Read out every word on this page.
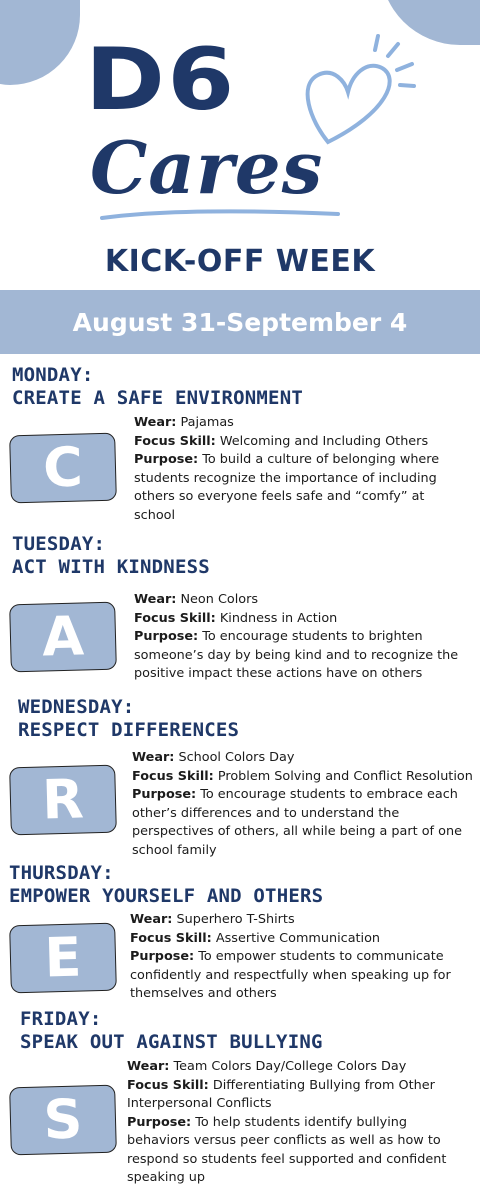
D6
Cares
KICK-OFF WEEK
August 31-September 4
MONDAY:
CREATE A SAFE ENVIRONMENT
C
Wear: Pajamas
Focus Skill: Welcoming and Including Others
Purpose: To build a culture of belonging where students recognize the importance of including others so everyone feels safe and “comfy” at school
TUESDAY:
ACT WITH KINDNESS
A
Wear: Neon Colors
Focus Skill: Kindness in Action
Purpose: To encourage students to brighten someone’s day by being kind and to recognize the positive impact these actions have on others
WEDNESDAY:
RESPECT DIFFERENCES
R
Wear: School Colors Day
Focus Skill: Problem Solving and Conflict Resolution
Purpose: To encourage students to embrace each other’s differences and to understand the perspectives of others, all while being a part of one school family
THURSDAY:
EMPOWER YOURSELF AND OTHERS
E
Wear: Superhero T-Shirts
Focus Skill: Assertive Communication
Purpose: To empower students to communicate confidently and respectfully when speaking up for themselves and others
FRIDAY:
SPEAK OUT AGAINST BULLYING
S
Wear: Team Colors Day/College Colors Day
Focus Skill: Differentiating Bullying from Other Interpersonal Conflicts
Purpose: To help students identify bullying behaviors versus peer conflicts as well as how to respond so students feel supported and confident speaking up
